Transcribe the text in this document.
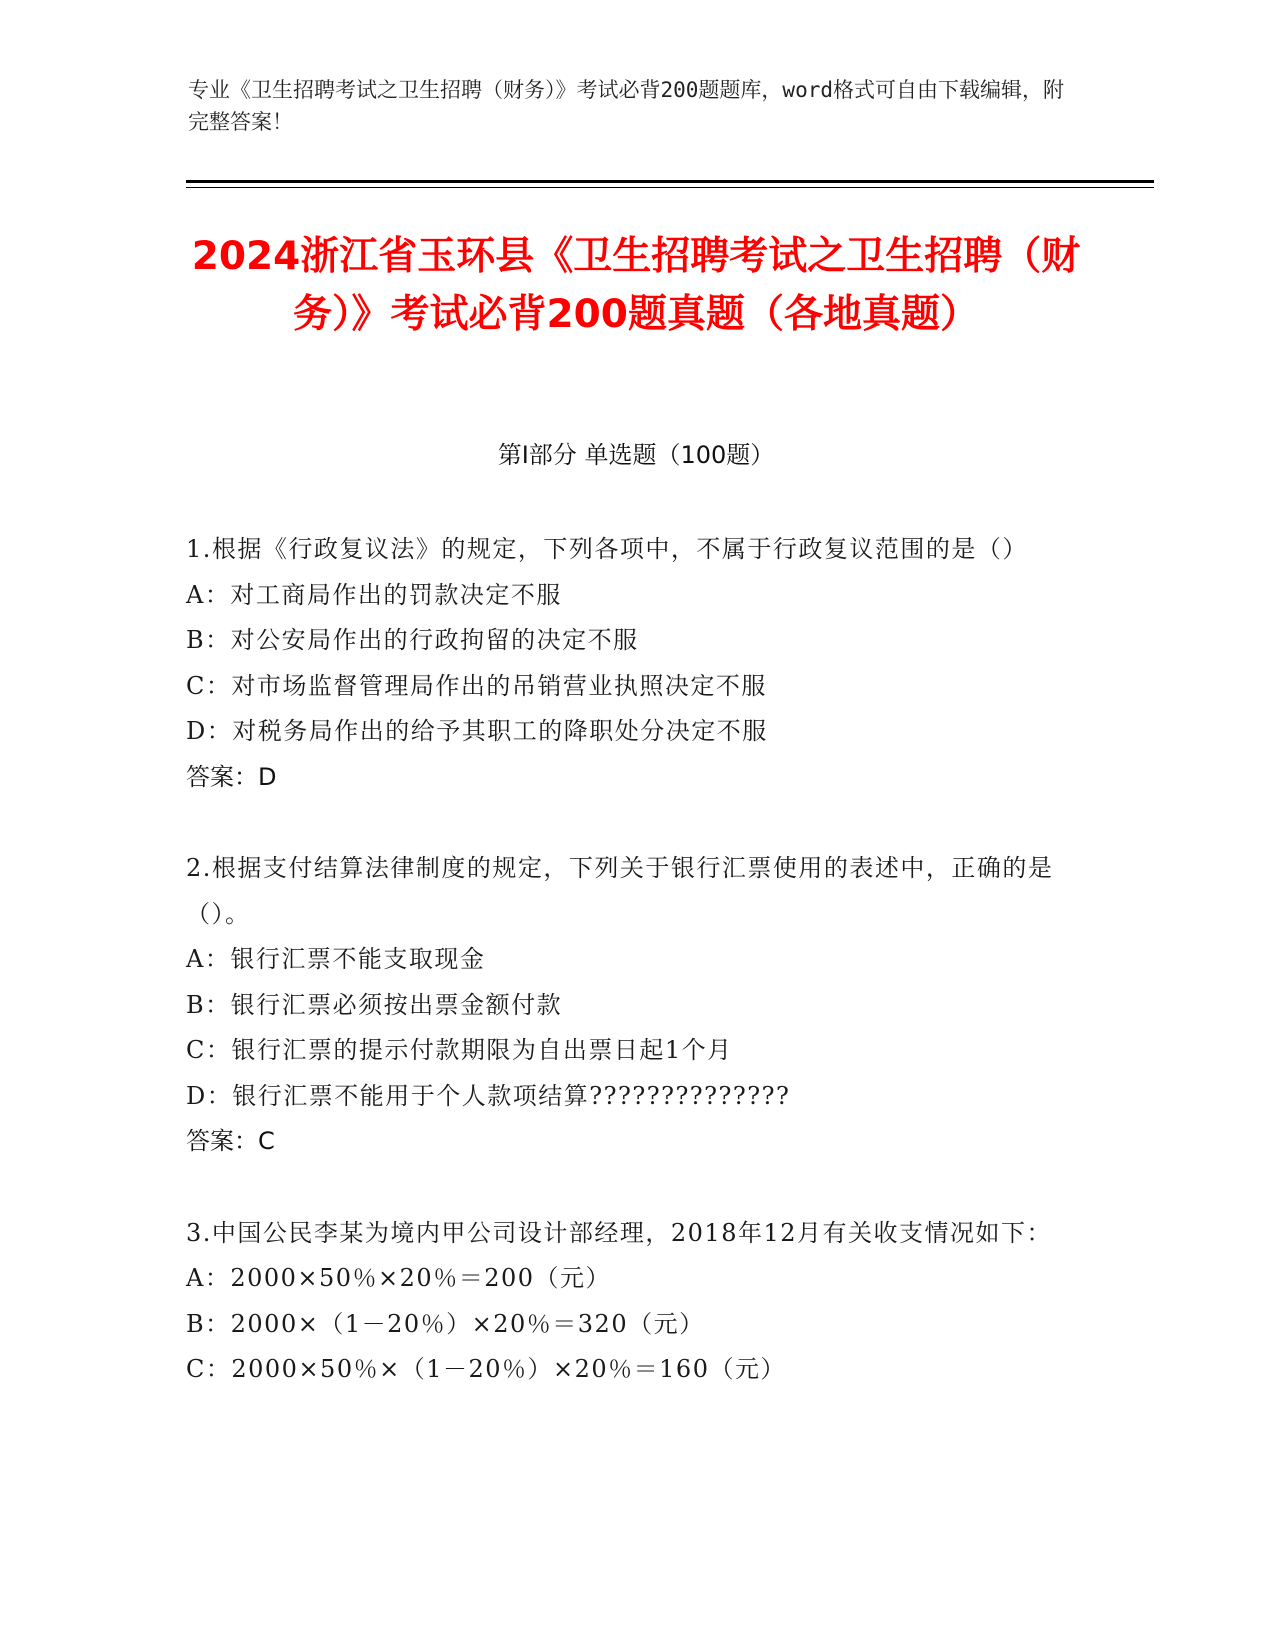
专业《卫生招聘考试之卫生招聘（财务）》考试必背200题题库，word格式可自由下载编辑，附完整答案！
2024浙江省玉环县《卫生招聘考试之卫生招聘（财务）》考试必背200题真题（各地真题）
第Ⅰ部分 单选题（100题）
1.根据《行政复议法》的规定，下列各项中，不属于行政复议范围的是（）
A：对工商局作出的罚款决定不服
B：对公安局作出的行政拘留的决定不服
C：对市场监督管理局作出的吊销营业执照决定不服
D：对税务局作出的给予其职工的降职处分决定不服
答案：D
2.根据支付结算法律制度的规定，下列关于银行汇票使用的表述中，正确的是（）。
A：银行汇票不能支取现金
B：银行汇票必须按出票金额付款
C：银行汇票的提示付款期限为自出票日起1个月
D：银行汇票不能用于个人款项结算??????????????
答案：C
3.中国公民李某为境内甲公司设计部经理，2018年12月有关收支情况如下：
A：2000×50％×20％＝200（元）
B：2000×（1－20％）×20％＝320（元）
C：2000×50％×（1－20％）×20％＝160（元）
